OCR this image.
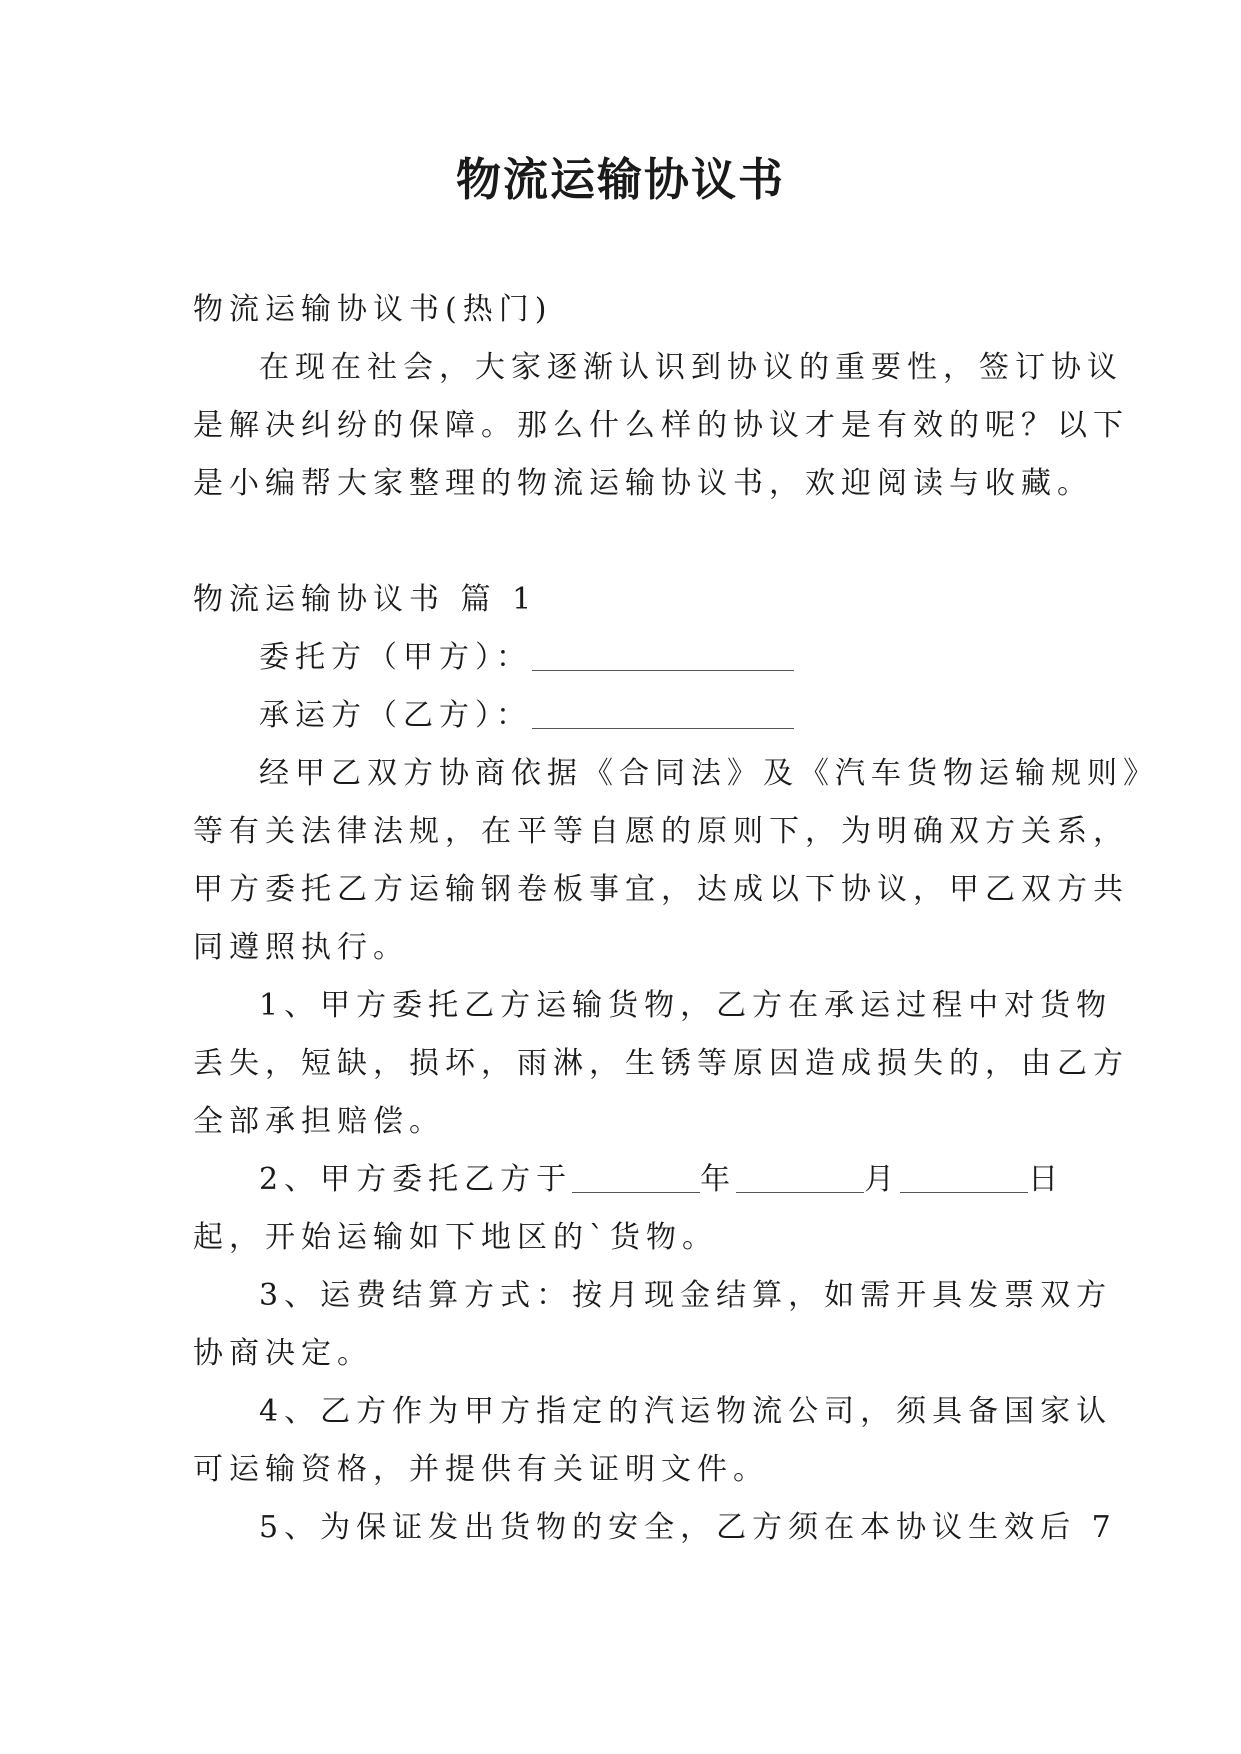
物流运输协议书
物流运输协议书(热门)
在现在社会，大家逐渐认识到协议的重要性，签订协议
是解决纠纷的保障。那么什么样的协议才是有效的呢？以下
是小编帮大家整理的物流运输协议书，欢迎阅读与收藏。
物流运输协议书 篇 1
委托方（甲方）：
承运方（乙方）：
经甲乙双方协商依据《合同法》及《汽车货物运输规则》
等有关法律法规，在平等自愿的原则下，为明确双方关系，
甲方委托乙方运输钢卷板事宜，达成以下协议，甲乙双方共
同遵照执行。
1、甲方委托乙方运输货物，乙方在承运过程中对货物
丢失，短缺，损坏，雨淋，生锈等原因造成损失的，由乙方
全部承担赔偿。
2、甲方委托乙方于	年	月	日
起，开始运输如下地区的`货物。
3、运费结算方式：按月现金结算，如需开具发票双方
协商决定。
4、乙方作为甲方指定的汽运物流公司，须具备国家认
可运输资格，并提供有关证明文件。
5、为保证发出货物的安全，乙方须在本协议生效后 7
